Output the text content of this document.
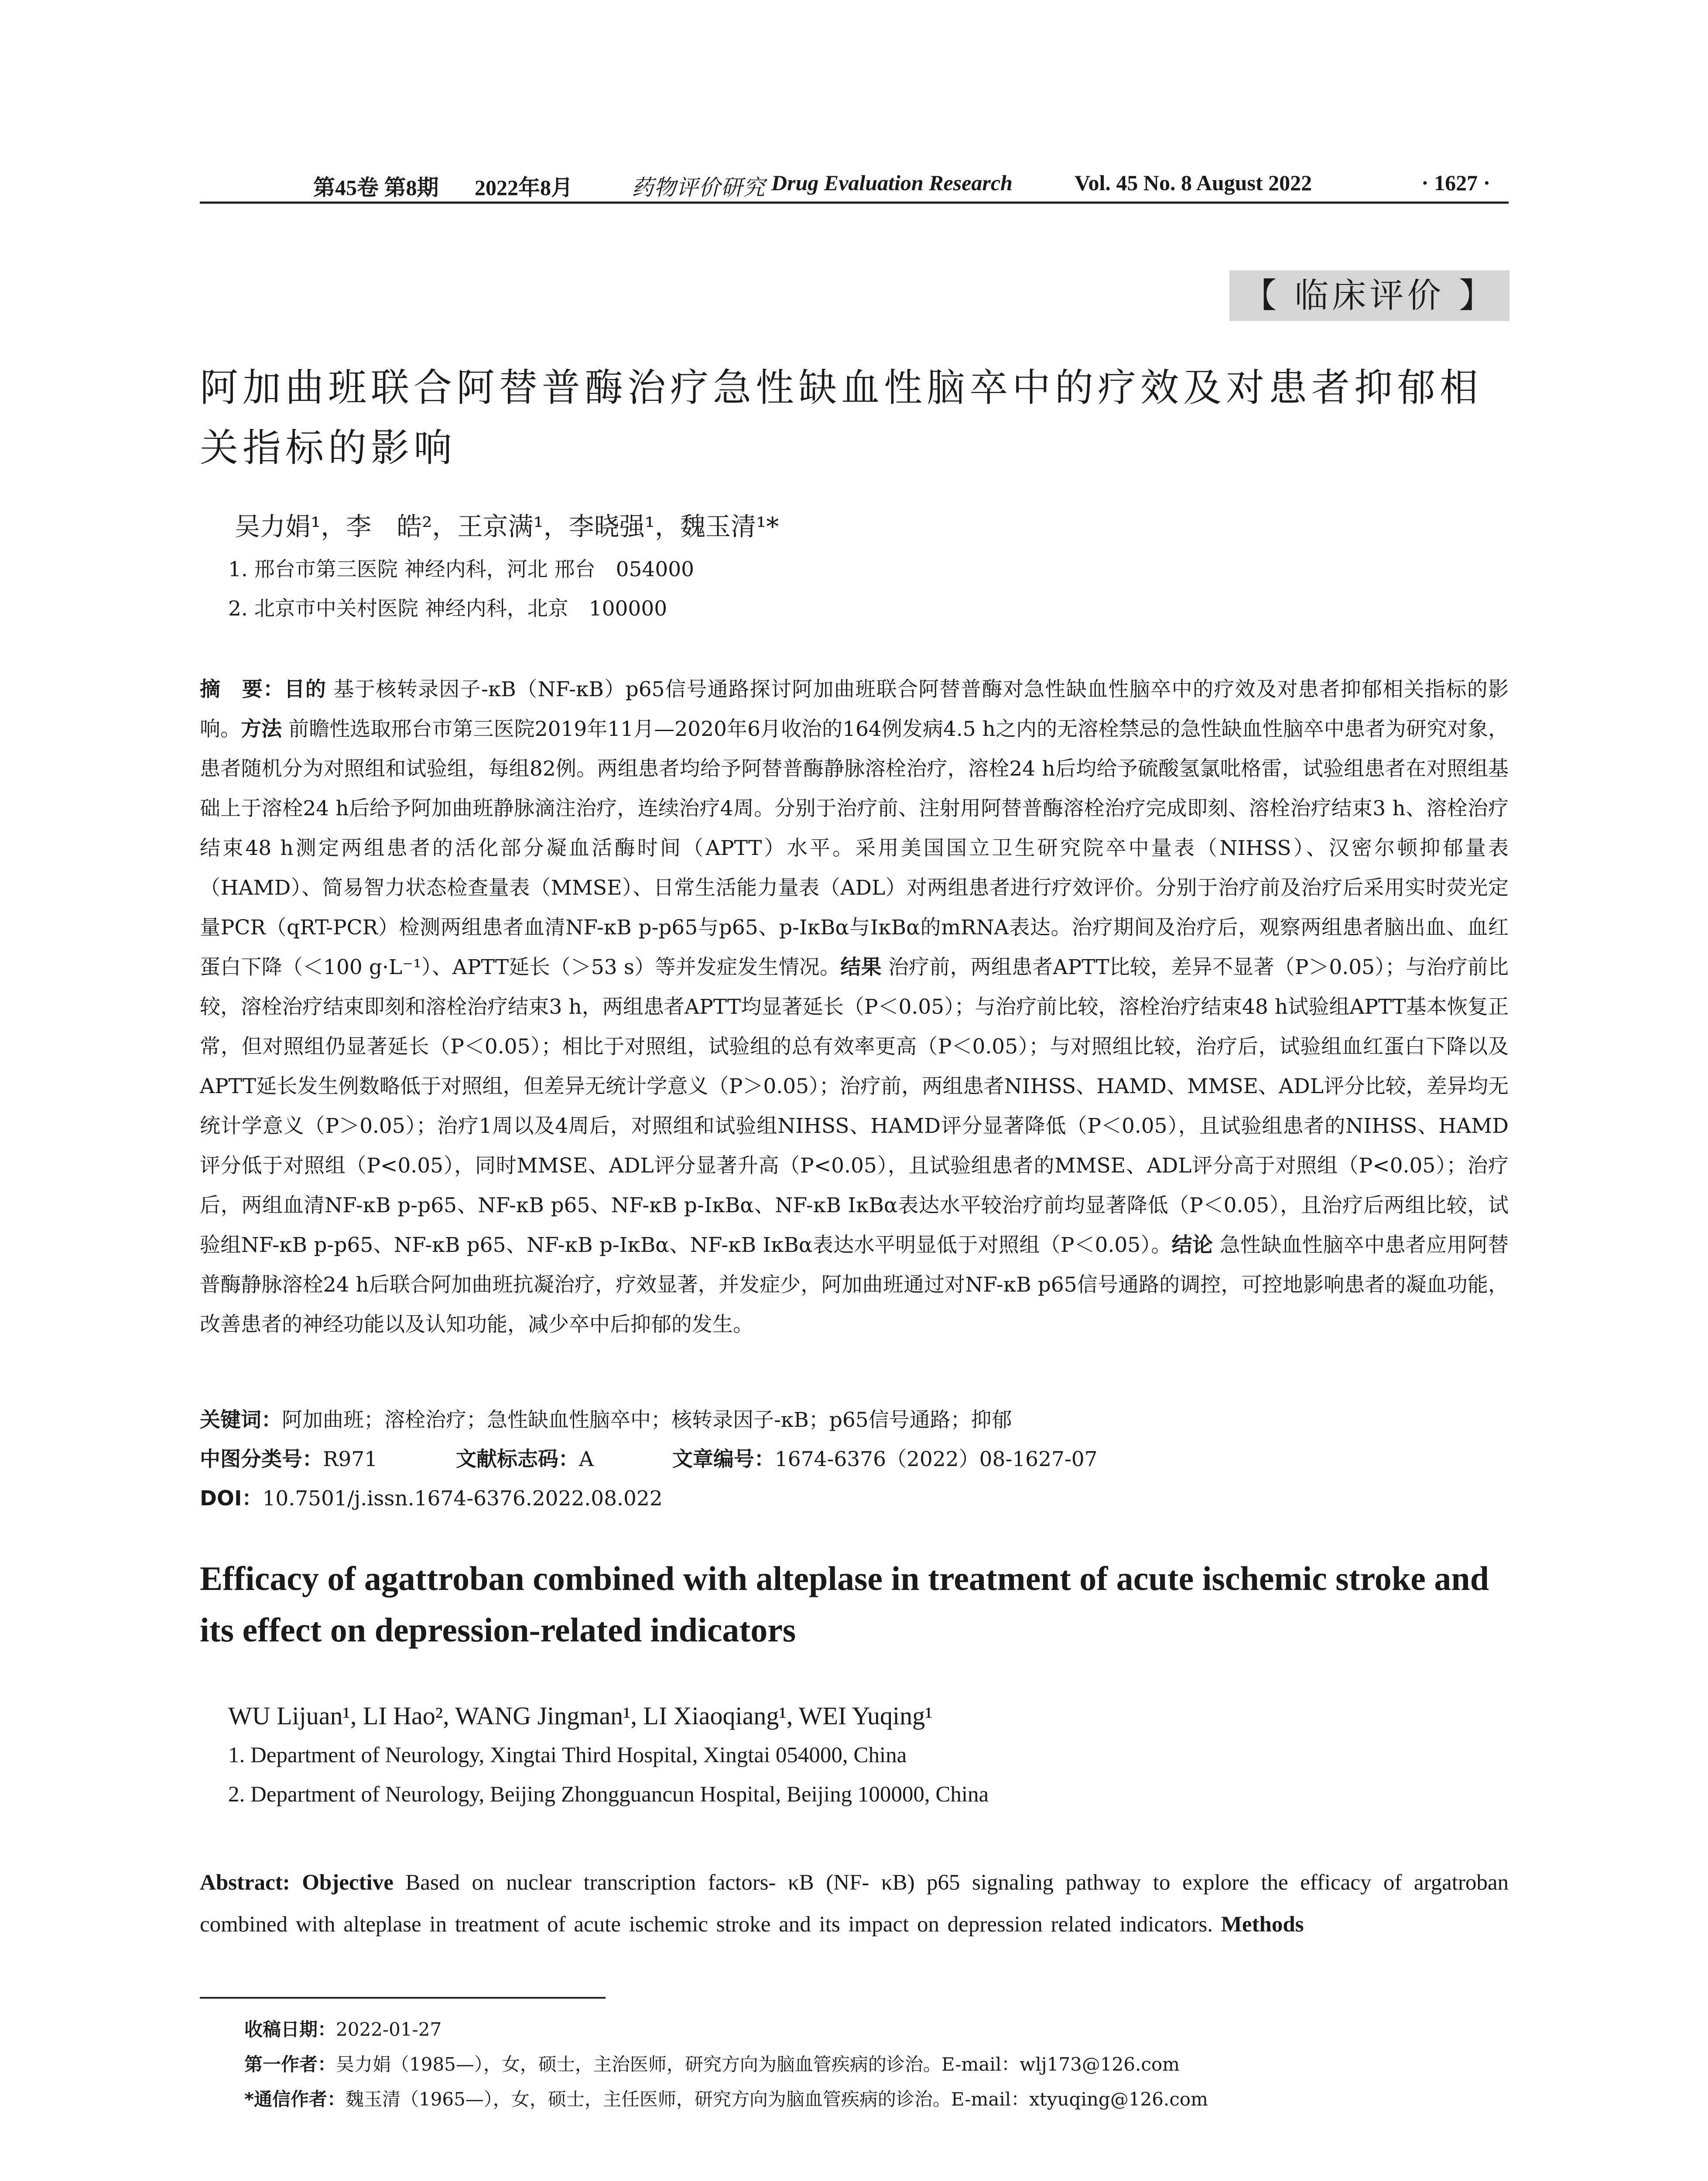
第45卷 第8期 2022年8月	药物评价研究 Drug Evaluation Research	Vol. 45 No. 8 August 2022	· 1627 ·
【 临床评价 】
阿加曲班联合阿替普酶治疗急性缺血性脑卒中的疗效及对患者抑郁相关指标的影响
吴力娟¹，李　皓²，王京满¹，李晓强¹，魏玉清¹*
1. 邢台市第三医院 神经内科，河北 邢台　054000
2. 北京市中关村医院 神经内科，北京　100000
摘　要：目的 基于核转录因子-κB（NF-κB）p65信号通路探讨阿加曲班联合阿替普酶对急性缺血性脑卒中的疗效及对患者抑郁相关指标的影响。方法 前瞻性选取邢台市第三医院2019年11月—2020年6月收治的164例发病4.5 h之内的无溶栓禁忌的急性缺血性脑卒中患者为研究对象，患者随机分为对照组和试验组，每组82例。两组患者均给予阿替普酶静脉溶栓治疗，溶栓24 h后均给予硫酸氢氯吡格雷，试验组患者在对照组基础上于溶栓24 h后给予阿加曲班静脉滴注治疗，连续治疗4周。分别于治疗前、注射用阿替普酶溶栓治疗完成即刻、溶栓治疗结束3 h、溶栓治疗结束48 h测定两组患者的活化部分凝血活酶时间（APTT）水平。采用美国国立卫生研究院卒中量表（NIHSS）、汉密尔顿抑郁量表（HAMD）、简易智力状态检查量表（MMSE）、日常生活能力量表（ADL）对两组患者进行疗效评价。分别于治疗前及治疗后采用实时荧光定量PCR（qRT-PCR）检测两组患者血清NF-κB p-p65与p65、p-IκBα与IκBα的mRNA表达。治疗期间及治疗后，观察两组患者脑出血、血红蛋白下降（＜100 g·L⁻¹）、APTT延长（＞53 s）等并发症发生情况。结果 治疗前，两组患者APTT比较，差异不显著（P＞0.05）；与治疗前比较，溶栓治疗结束即刻和溶栓治疗结束3 h，两组患者APTT均显著延长（P＜0.05）；与治疗前比较，溶栓治疗结束48 h试验组APTT基本恢复正常，但对照组仍显著延长（P＜0.05）；相比于对照组，试验组的总有效率更高（P＜0.05）；与对照组比较，治疗后，试验组血红蛋白下降以及APTT延长发生例数略低于对照组，但差异无统计学意义（P＞0.05）；治疗前，两组患者NIHSS、HAMD、MMSE、ADL评分比较，差异均无统计学意义（P＞0.05）；治疗1周以及4周后，对照组和试验组NIHSS、HAMD评分显著降低（P＜0.05），且试验组患者的NIHSS、HAMD评分低于对照组（P<0.05），同时MMSE、ADL评分显著升高（P<0.05），且试验组患者的MMSE、ADL评分高于对照组（P<0.05）；治疗后，两组血清NF-κB p-p65、NF-κB p65、NF-κB p-IκBα、NF-κB IκBα表达水平较治疗前均显著降低（P＜0.05），且治疗后两组比较，试验组NF-κB p-p65、NF-κB p65、NF-κB p-IκBα、NF-κB IκBα表达水平明显低于对照组（P＜0.05）。结论 急性缺血性脑卒中患者应用阿替普酶静脉溶栓24 h后联合阿加曲班抗凝治疗，疗效显著，并发症少，阿加曲班通过对NF-κB p65信号通路的调控，可控地影响患者的凝血功能，改善患者的神经功能以及认知功能，减少卒中后抑郁的发生。
关键词：阿加曲班；溶栓治疗；急性缺血性脑卒中；核转录因子-κB；p65信号通路；抑郁
中图分类号：R971	文献标志码：A	文章编号：1674-6376（2022）08-1627-07
DOI：10.7501/j.issn.1674-6376.2022.08.022
Efficacy of agattroban combined with alteplase in treatment of acute ischemic stroke and its effect on depression-related indicators
WU Lijuan¹, LI Hao², WANG Jingman¹, LI Xiaoqiang¹, WEI Yuqing¹
1. Department of Neurology, Xingtai Third Hospital, Xingtai 054000, China
2. Department of Neurology, Beijing Zhongguancun Hospital, Beijing 100000, China
Abstract: Objective Based on nuclear transcription factors- κB (NF- κB) p65 signaling pathway to explore the efficacy of argatroban combined with alteplase in treatment of acute ischemic stroke and its impact on depression related indicators. Methods
收稿日期：2022-01-27
第一作者：吴力娟（1985—），女，硕士，主治医师，研究方向为脑血管疾病的诊治。E-mail：wlj173@126.com
*通信作者：魏玉清（1965—），女，硕士，主任医师，研究方向为脑血管疾病的诊治。E-mail：xtyuqing@126.com
